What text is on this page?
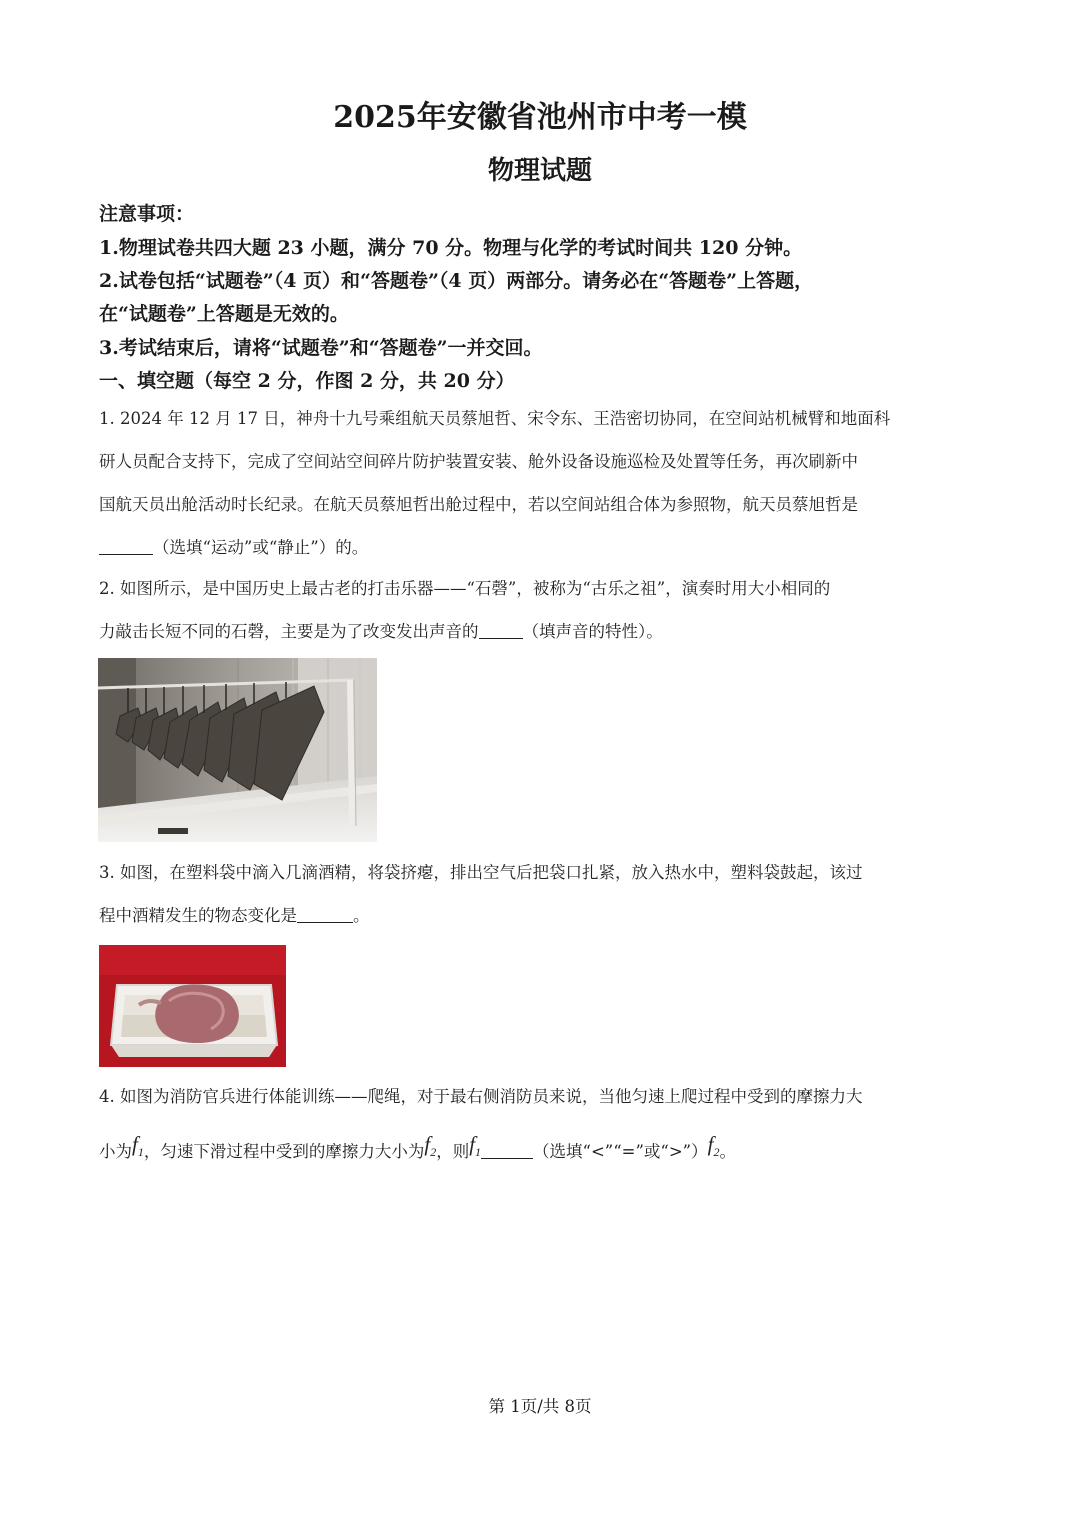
2025年安徽省池州市中考一模
物理试题
注意事项：
1.物理试卷共四大题 23 小题，满分 70 分。物理与化学的考试时间共 120 分钟。
2.试卷包括“试题卷”（4 页）和“答题卷”（4 页）两部分。请务必在“答题卷”上答题，
在“试题卷”上答题是无效的。
3.考试结束后，请将“试题卷”和“答题卷”一并交回。
一、填空题（每空 2 分，作图 2 分，共 20 分）
1. 2024 年 12 月 17 日，神舟十九号乘组航天员蔡旭哲、宋令东、王浩密切协同，在空间站机械臂和地面科
研人员配合支持下，完成了空间站空间碎片防护装置安装、舱外设备设施巡检及处置等任务，再次刷新中
国航天员出舱活动时长纪录。在航天员蔡旭哲出舱过程中，若以空间站组合体为参照物，航天员蔡旭哲是
（选填“运动”或“静止”）的。
2. 如图所示，是中国历史上最古老的打击乐器——“石磬”，被称为“古乐之祖”，演奏时用大小相同的
力敲击长短不同的石磬，主要是为了改变发出声音的	（填声音的特性）。
3. 如图，在塑料袋中滴入几滴酒精，将袋挤瘪，排出空气后把袋口扎紧，放入热水中，塑料袋鼓起，该过
程中酒精发生的物态变化是	。
4. 如图为消防官兵进行体能训练——爬绳，对于最右侧消防员来说，当他匀速上爬过程中受到的摩擦力大
小为$f_1$，匀速下滑过程中受到的摩擦力大小为$f_2$，则$f_1$	（选填“<”“=”或“$>”)f_2$。
第 1页/共 8页
